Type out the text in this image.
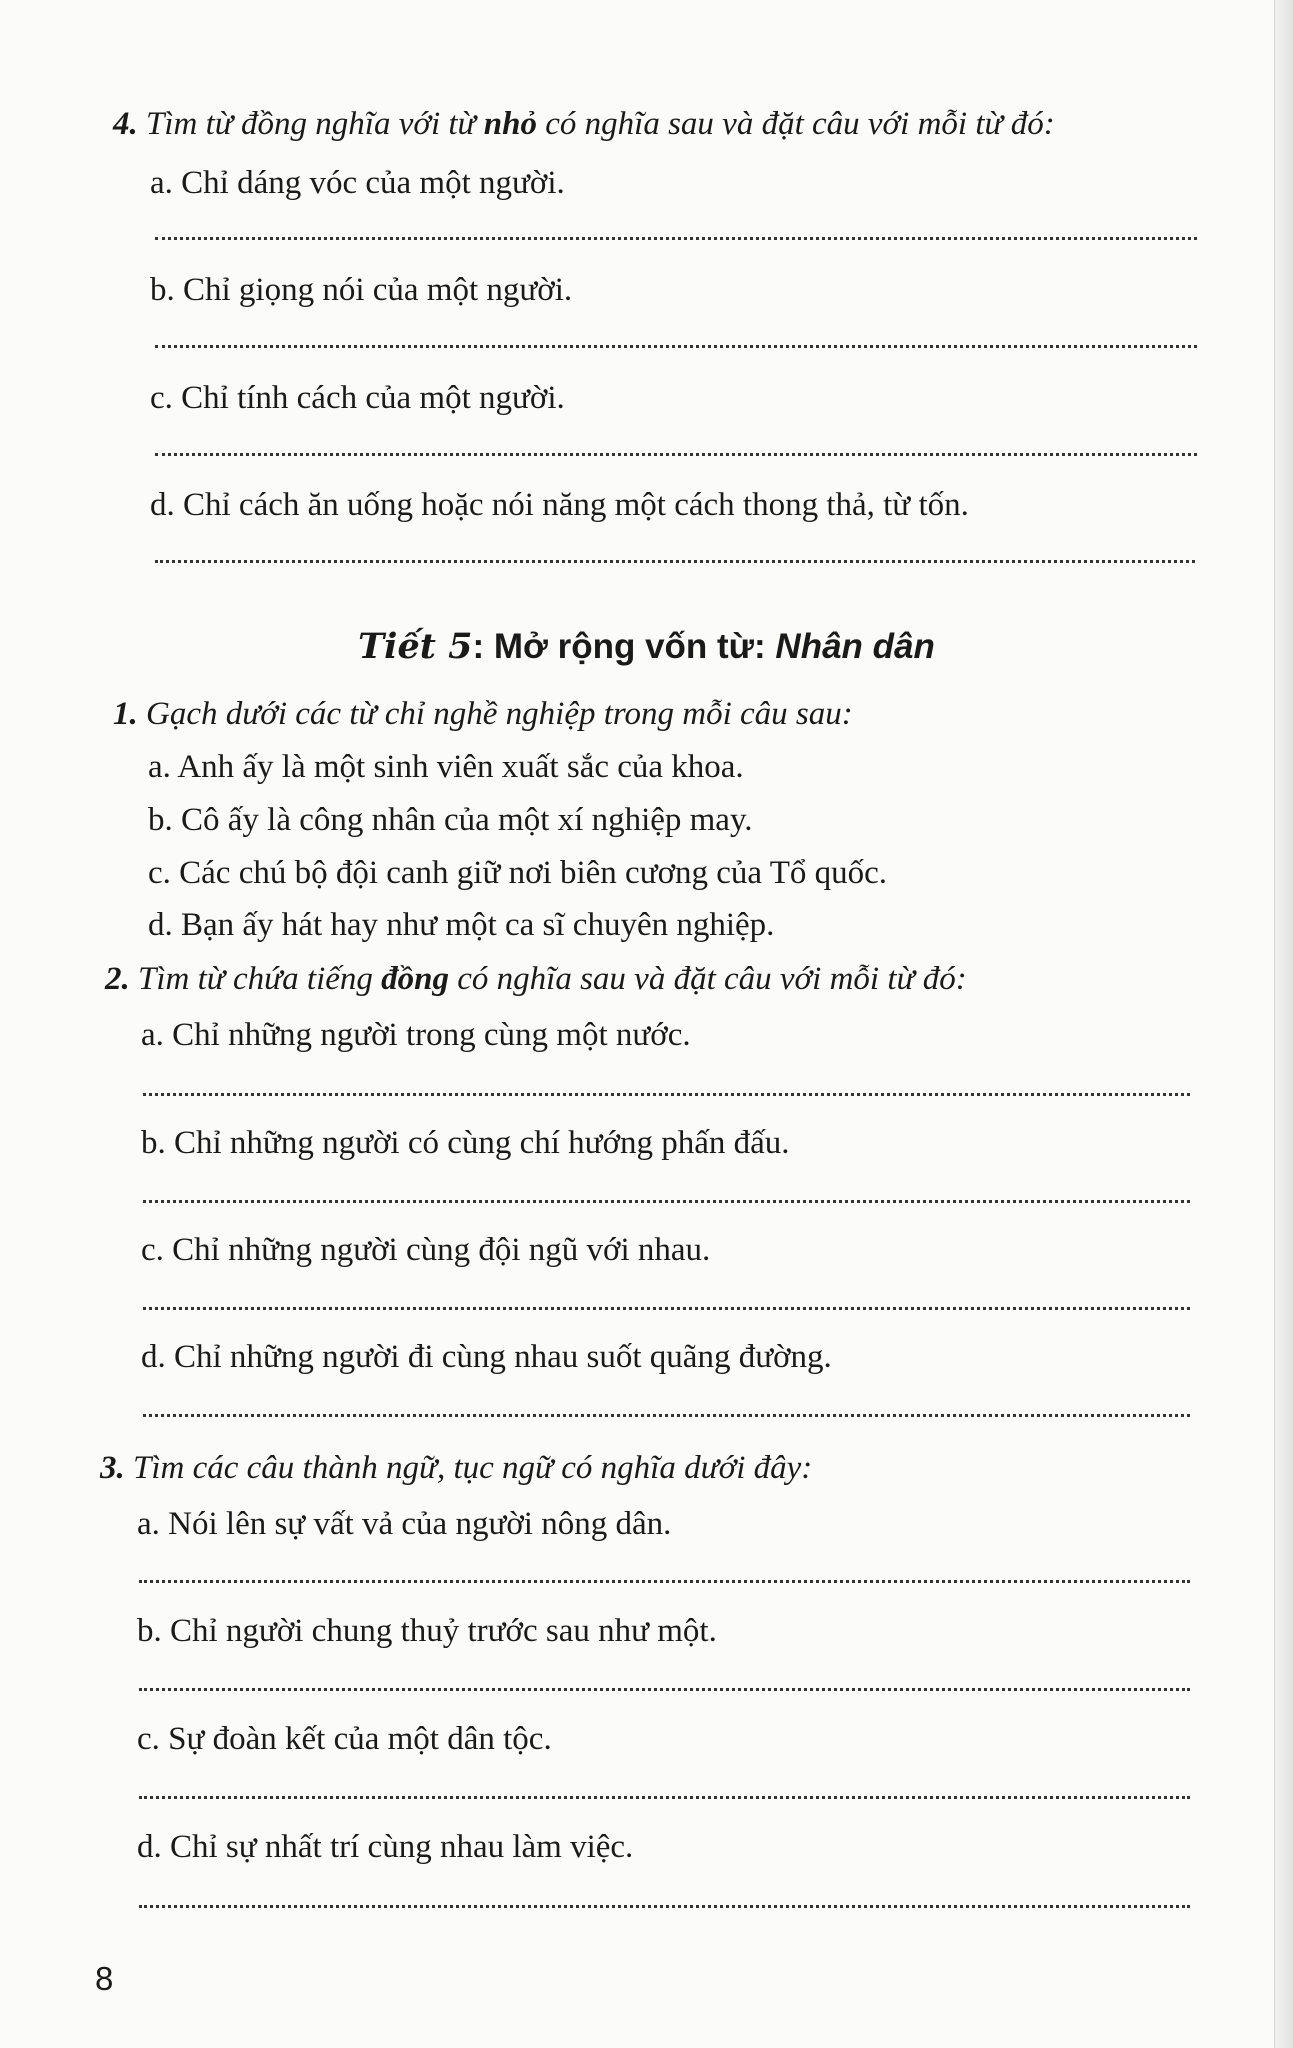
4. Tìm từ đồng nghĩa với từ nhỏ có nghĩa sau và đặt câu với mỗi từ đó:
a. Chỉ dáng vóc của một người.
b. Chỉ giọng nói của một người.
c. Chỉ tính cách của một người.
d. Chỉ cách ăn uống hoặc nói năng một cách thong thả, từ tốn.
Tiết 5: Mở rộng vốn từ: Nhân dân
1. Gạch dưới các từ chỉ nghề nghiệp trong mỗi câu sau:
a. Anh ấy là một sinh viên xuất sắc của khoa.
b. Cô ấy là công nhân của một xí nghiệp may.
c. Các chú bộ đội canh giữ nơi biên cương của Tổ quốc.
d. Bạn ấy hát hay như một ca sĩ chuyên nghiệp.
2. Tìm từ chứa tiếng đồng có nghĩa sau và đặt câu với mỗi từ đó:
a. Chỉ những người trong cùng một nước.
b. Chỉ những người có cùng chí hướng phấn đấu.
c. Chỉ những người cùng đội ngũ với nhau.
d. Chỉ những người đi cùng nhau suốt quãng đường.
3. Tìm các câu thành ngữ, tục ngữ có nghĩa dưới đây:
a. Nói lên sự vất vả của người nông dân.
b. Chỉ người chung thuỷ trước sau như một.
c. Sự đoàn kết của một dân tộc.
d. Chỉ sự nhất trí cùng nhau làm việc.
8
